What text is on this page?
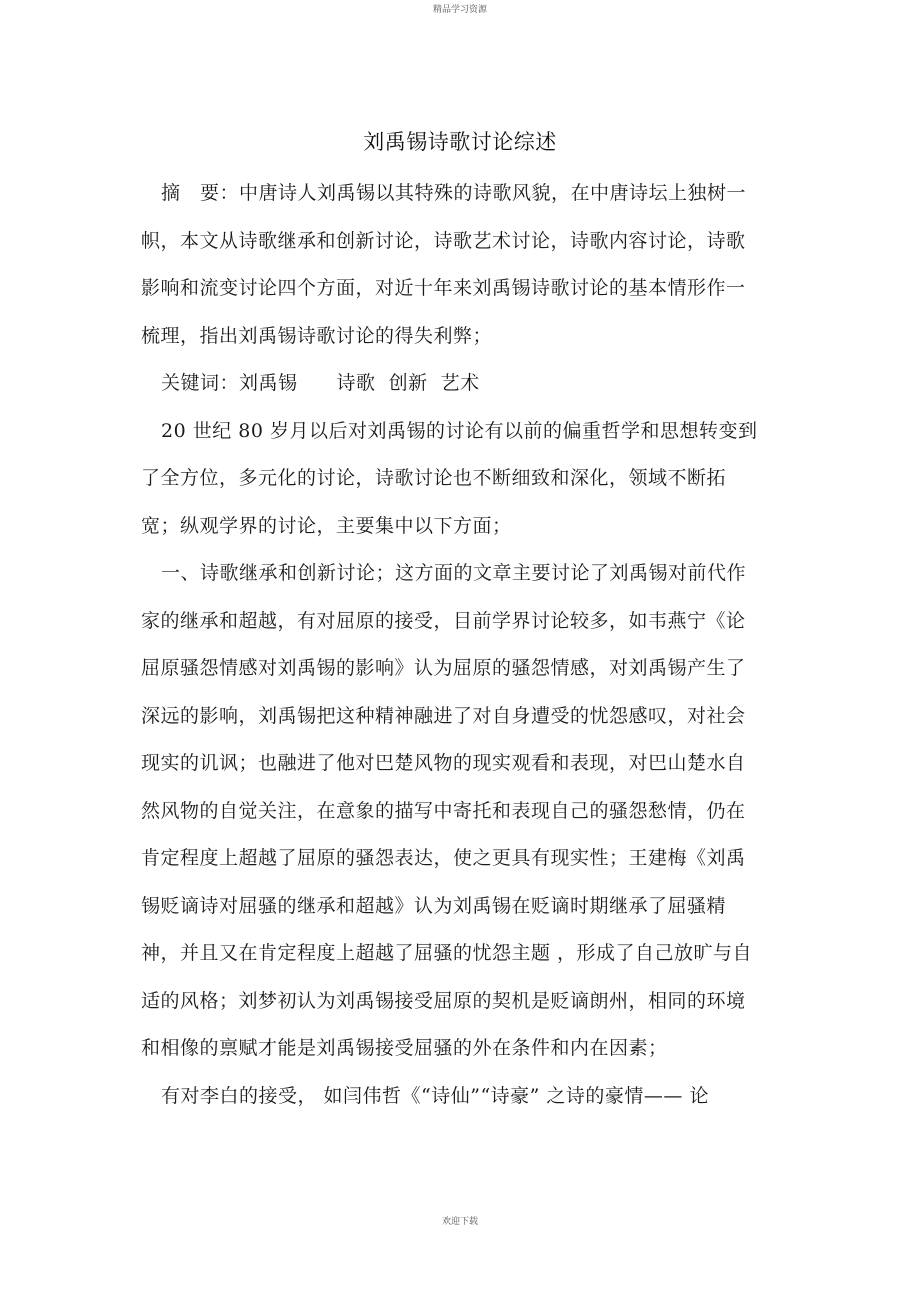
精品学习资源
刘禹锡诗歌讨论综述

摘　要：中唐诗人刘禹锡以其特殊的诗歌风貌，在中唐诗坛上独树一帜，本文从诗歌继承和创新讨论，诗歌艺术讨论，诗歌内容讨论，诗歌影响和流变讨论四个方面，对近十年来刘禹锡诗歌讨论的基本情形作一梳理，指出刘禹锡诗歌讨论的得失利弊；

关键词：刘禹锡　　诗歌  创新  艺术

20 世纪 80 岁月以后对刘禹锡的讨论有以前的偏重哲学和思想转变到了全方位，多元化的讨论，诗歌讨论也不断细致和深化，领域不断拓宽；纵观学界的讨论，主要集中以下方面；

一、诗歌继承和创新讨论；这方面的文章主要讨论了刘禹锡对前代作家的继承和超越，有对屈原的接受，目前学界讨论较多，如韦燕宁《论屈原骚怨情感对刘禹锡的影响》认为屈原的骚怨情感，对刘禹锡产生了深远的影响，刘禹锡把这种精神融进了对自身遭受的忧怨感叹，对社会现实的讥讽；也融进了他对巴楚风物的现实观看和表现，对巴山楚水自然风物的自觉关注，在意象的描写中寄托和表现自己的骚怨愁情，仍在肯定程度上超越了屈原的骚怨表达，使之更具有现实性；王建梅《刘禹锡贬谪诗对屈骚的继承和超越》认为刘禹锡在贬谪时期继承了屈骚精神，并且又在肯定程度上超越了屈骚的忧怨主题 ，形成了自己放旷与自适的风格；刘梦初认为刘禹锡接受屈原的契机是贬谪朗州，相同的环境和相像的禀赋才能是刘禹锡接受屈骚的外在条件和内在因素；

有对李白的接受， 如闫伟哲《“诗仙”“诗豪” 之诗的豪情—— 论

欢迎下载
